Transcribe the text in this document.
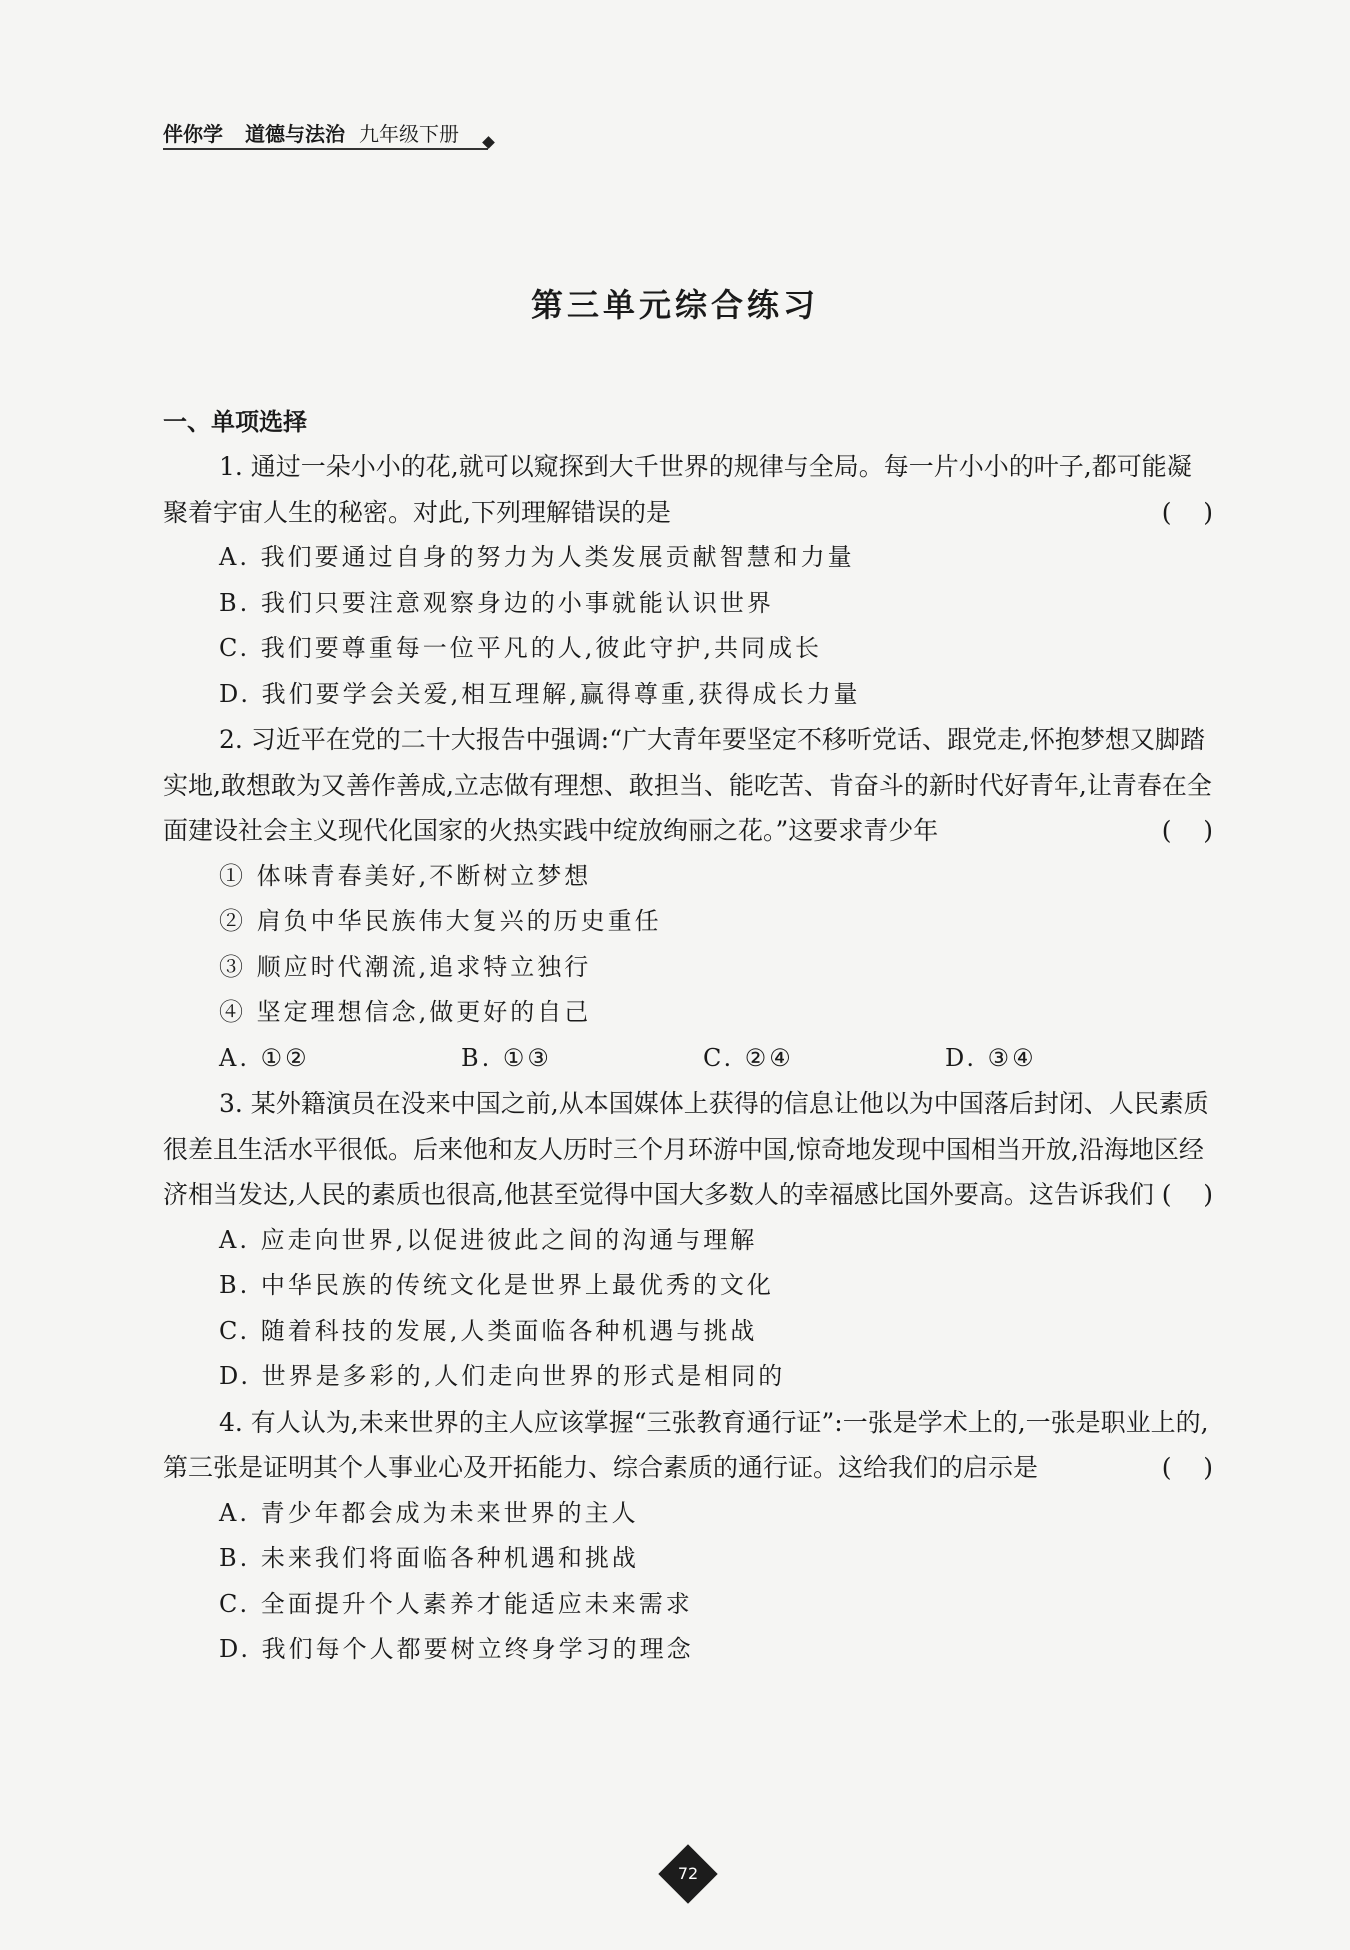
伴你学 道德与法治 九年级下册
第三单元综合练习

一、单项选择

1. 通过一朵小小的花,就可以窥探到大千世界的规律与全局。每一片小小的叶子,都可能凝聚着宇宙人生的秘密。对此,下列理解错误的是	(    )

A. 我们要通过自身的努力为人类发展贡献智慧和力量

B. 我们只要注意观察身边的小事就能认识世界

C. 我们要尊重每一位平凡的人,彼此守护,共同成长

D. 我们要学会关爱,相互理解,赢得尊重,获得成长力量

2. 习近平在党的二十大报告中强调:“广大青年要坚定不移听党话、跟党走,怀抱梦想又脚踏实地,敢想敢为又善作善成,立志做有理想、敢担当、能吃苦、肯奋斗的新时代好青年,让青春在全面建设社会主义现代化国家的火热实践中绽放绚丽之花。”这要求青少年	(    )

① 体味青春美好,不断树立梦想

② 肩负中华民族伟大复兴的历史重任

③ 顺应时代潮流,追求特立独行

④ 坚定理想信念,做更好的自己

A. ①②	B. ①③	C. ②④	D. ③④

3. 某外籍演员在没来中国之前,从本国媒体上获得的信息让他以为中国落后封闭、人民素质很差且生活水平很低。后来他和友人历时三个月环游中国,惊奇地发现中国相当开放,沿海地区经济相当发达,人民的素质也很高,他甚至觉得中国大多数人的幸福感比国外要高。这告诉我们 (    )

A. 应走向世界,以促进彼此之间的沟通与理解

B. 中华民族的传统文化是世界上最优秀的文化

C. 随着科技的发展,人类面临各种机遇与挑战

D. 世界是多彩的,人们走向世界的形式是相同的

4. 有人认为,未来世界的主人应该掌握“三张教育通行证”:一张是学术上的,一张是职业上的,第三张是证明其个人事业心及开拓能力、综合素质的通行证。这给我们的启示是	(    )

A. 青少年都会成为未来世界的主人

B. 未来我们将面临各种机遇和挑战

C. 全面提升个人素养才能适应未来需求

D. 我们每个人都要树立终身学习的理念

72
